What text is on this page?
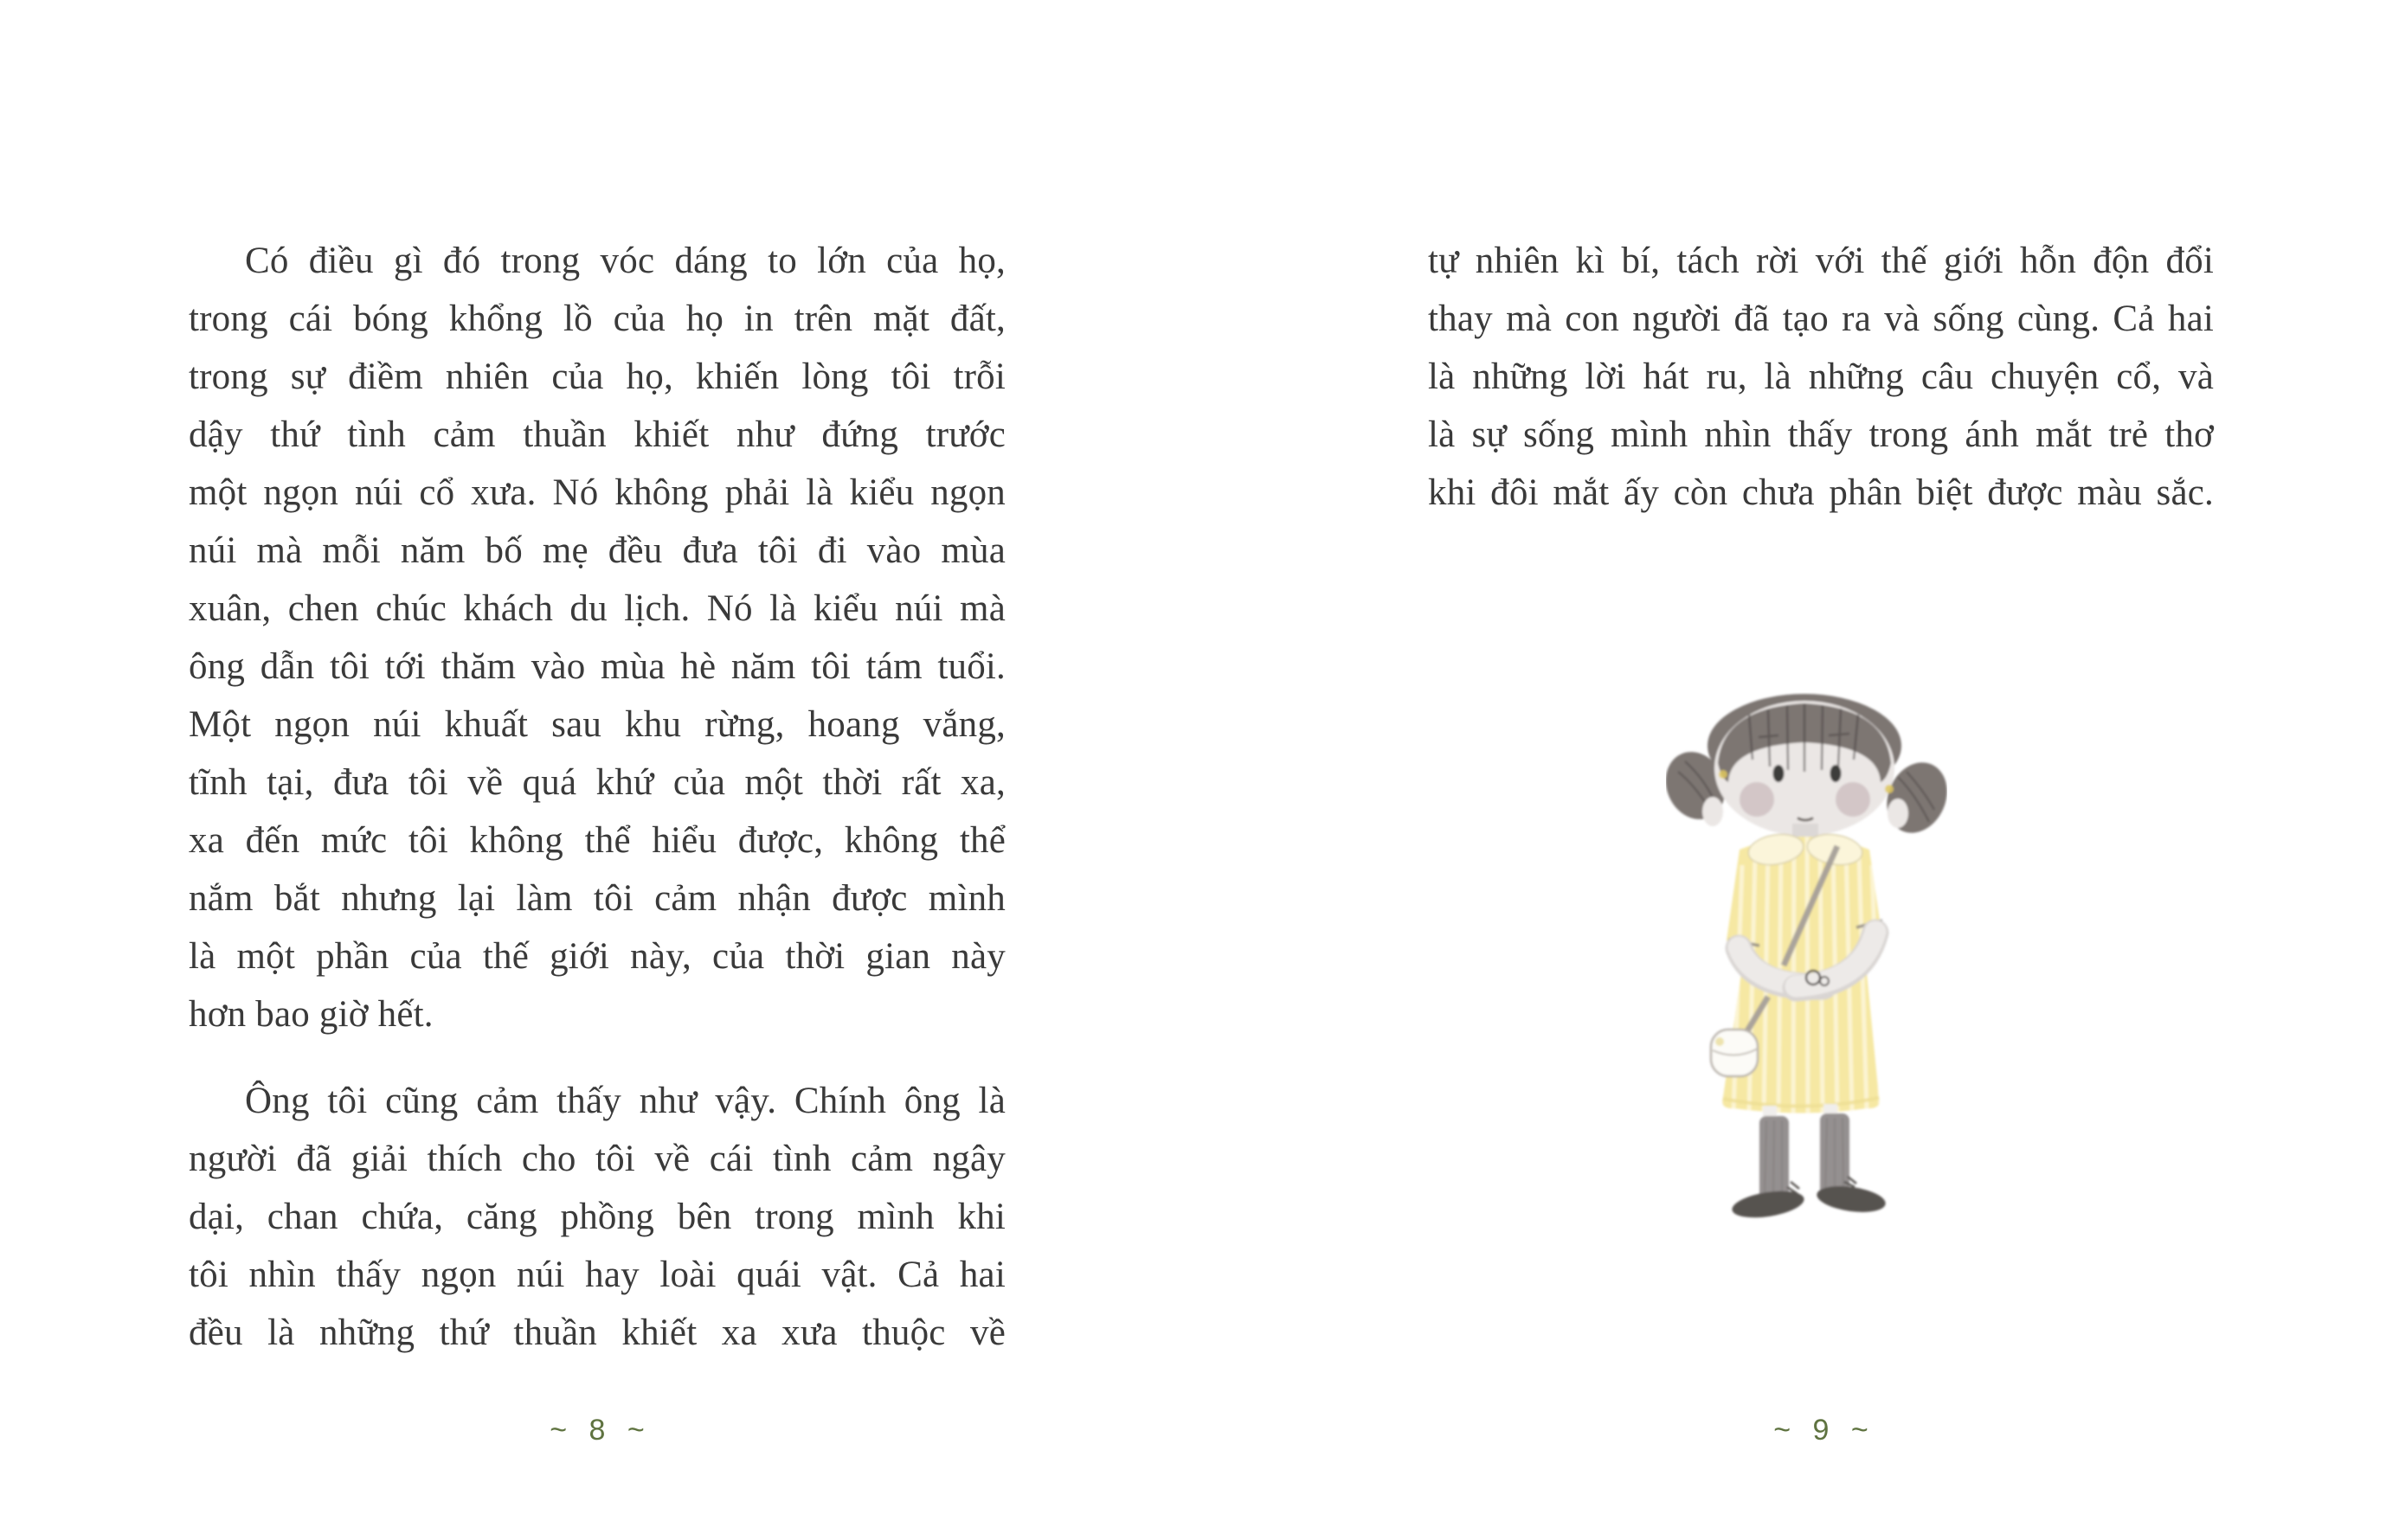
Có điều gì đó trong vóc dáng to lớn của họ,
trong cái bóng khổng lồ của họ in trên mặt đất,
trong sự điềm nhiên của họ, khiến lòng tôi trỗi
dậy thứ tình cảm thuần khiết như đứng trước
một ngọn núi cổ xưa. Nó không phải là kiểu ngọn
núi mà mỗi năm bố mẹ đều đưa tôi đi vào mùa
xuân, chen chúc khách du lịch. Nó là kiểu núi mà
ông dẫn tôi tới thăm vào mùa hè năm tôi tám tuổi.
Một ngọn núi khuất sau khu rừng, hoang vắng,
tĩnh tại, đưa tôi về quá khứ của một thời rất xa,
xa đến mức tôi không thể hiểu được, không thể
nắm bắt nhưng lại làm tôi cảm nhận được mình
là một phần của thế giới này, của thời gian này
hơn bao giờ hết.
Ông tôi cũng cảm thấy như vậy. Chính ông là
người đã giải thích cho tôi về cái tình cảm ngây
dại, chan chứa, căng phồng bên trong mình khi
tôi nhìn thấy ngọn núi hay loài quái vật. Cả hai
đều là những thứ thuần khiết xa xưa thuộc về
tự nhiên kì bí, tách rời với thế giới hỗn độn đổi
thay mà con người đã tạo ra và sống cùng. Cả hai
là những lời hát ru, là những câu chuyện cổ, và
là sự sống mình nhìn thấy trong ánh mắt trẻ thơ
khi đôi mắt ấy còn chưa phân biệt được màu sắc.
~ 8 ~	~ 9 ~
